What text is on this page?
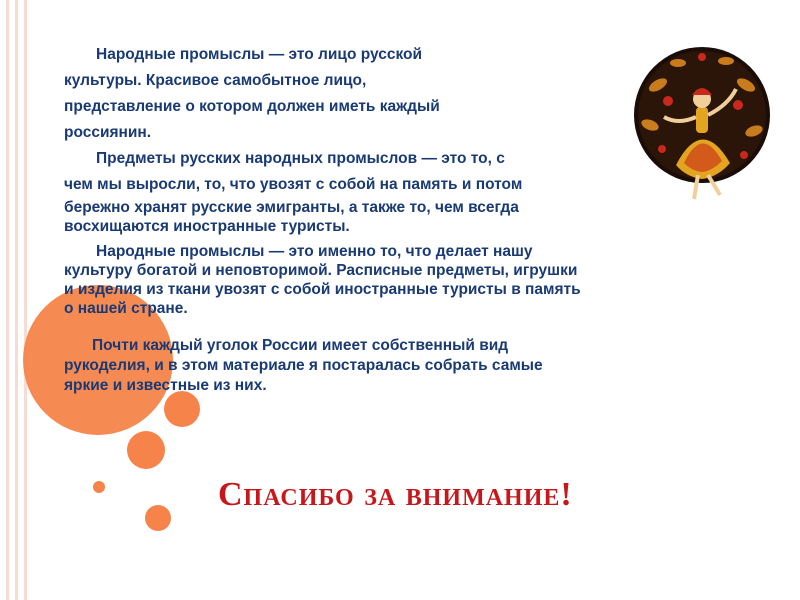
Народные промыслы — это лицо русской

культуры. Красивое самобытное лицо,

представление о котором должен иметь каждый

россиянин.

Предметы русских народных промыслов — это то, с

чем мы выросли, то, что увозят с собой на память и потом

бережно хранят русские эмигранты, а также то, чем всегда

восхищаются иностранные туристы.

Народные промыслы — это именно то, что делает нашу

культуру богатой и неповторимой. Расписные предметы, игрушки

и изделия из ткани увозят с собой иностранные туристы в память

о нашей стране.

Почти каждый уголок России имеет собственный вид

рукоделия, и в этом материале я постаралась собрать самые

яркие и известные из них.

Спасибо за внимание!
